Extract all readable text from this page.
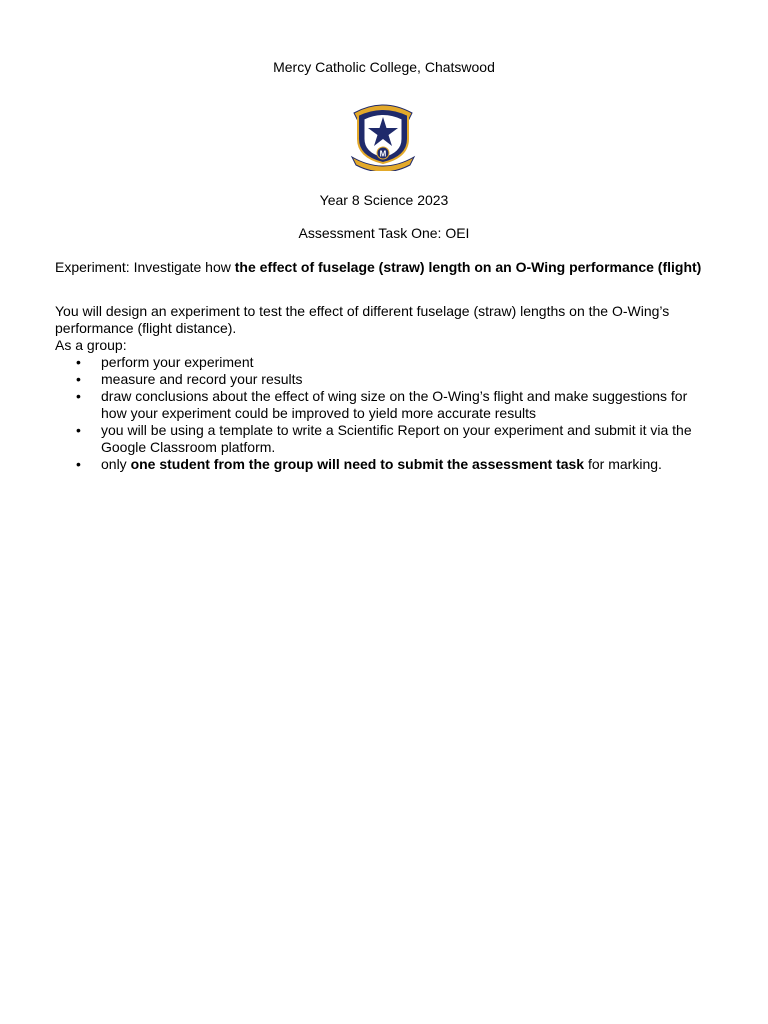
Mercy Catholic College, Chatswood
M
Year 8 Science 2023
Assessment Task One: OEI
Experiment: Investigate how the effect of fuselage (straw) length on an O-Wing performance (flight)

You will design an experiment to test the effect of different fuselage (straw) lengths on the O-Wing’s performance (flight distance).

As a group:

• perform your experiment
• measure and record your results
• draw conclusions about the effect of wing size on the O-Wing’s flight and make suggestions for how your experiment could be improved to yield more accurate results
• you will be using a template to write a Scientific Report on your experiment and submit it via the Google Classroom platform.
• only one student from the group will need to submit the assessment task for marking.
